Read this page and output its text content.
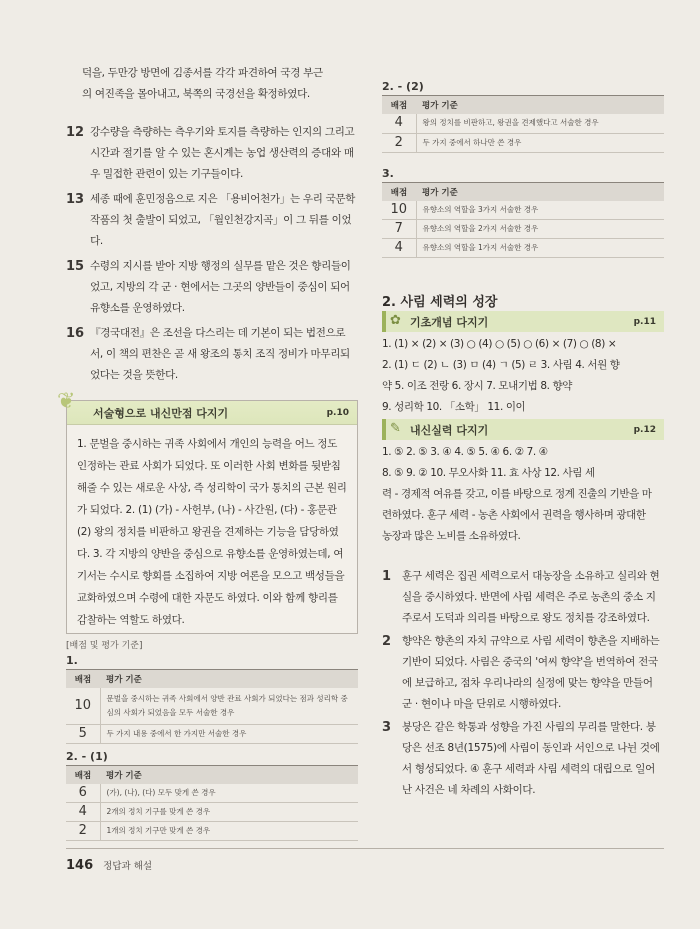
덕을, 두만강 방면에 김종서를 각각 파견하여 국경 부근
의 여진족을 몰아내고, 북쪽의 국경선을 확정하였다.
12 강수량을 측량하는 측우기와 토지를 측량하는 인지의 그리고 시간과 절기를 알 수 있는 혼시계는 농업 생산력의 증대와 매우 밀접한 관련이 있는 기구들이다.
13 세종 때에 훈민정음으로 지은 「용비어천가」는 우리 국문학 작품의 첫 출발이 되었고, 「월인천강지곡」이 그 뒤를 이었다.
15 수령의 지시를 받아 지방 행정의 실무를 맡은 것은 향리들이었고, 지방의 각 군 · 현에서는 그곳의 양반들이 중심이 되어 유향소를 운영하였다.
16 『경국대전』은 조선을 다스리는 데 기본이 되는 법전으로서, 이 책의 편찬은 곧 새 왕조의 통치 조직 정비가 마무리되었다는 것을 뜻한다.
❦ 서술형으로 내신만점 다지기	p.10
1. 문벌을 중시하는 귀족 사회에서 개인의 능력을 어느 정도 인정하는 관료 사회가 되었다. 또 이러한 사회 변화를 뒷받침해줄 수 있는 새로운 사상, 즉 성리학이 국가 통치의 근본 원리가 되었다. 2. (1) (가) - 사헌부, (나) - 사간원, (다) - 홍문관 (2) 왕의 정치를 비판하고 왕권을 견제하는 기능을 담당하였다. 3. 각 지방의 양반을 중심으로 유향소를 운영하였는데, 여기서는 수시로 향회를 소집하여 지방 여론을 모으고 백성들을 교화하였으며 수령에 대한 자문도 하였다. 이와 함께 향리를 감찰하는 역할도 하였다.
[배점 및 평가 기준]
1.
배점	평가 기준
10	문벌을 중시하는 귀족 사회에서 양반 관료 사회가 되었다는 점과 성리학 중심의 사회가 되었음을 모두 서술한 경우
5	두 가지 내용 중에서 한 가지만 서술한 경우
2. - (1)
배점	평가 기준
6	(가), (나), (다) 모두 맞게 쓴 경우
4	2개의 정치 기구를 맞게 쓴 경우
2	1개의 정치 기구만 맞게 쓴 경우
2. - (2)
배점	평가 기준
4	왕의 정치를 비판하고, 왕권을 견제했다고 서술한 경우
2	두 가지 중에서 하나만 쓴 경우
3.
배점	평가 기준
10	유향소의 역할을 3가지 서술한 경우
7	유향소의 역할을 2가지 서술한 경우
4	유향소의 역할을 1가지 서술한 경우
2. 사림 세력의 성장
✿ 기초개념 다지기	p.11
1. (1) × (2) × (3) ○ (4) ○ (5) ○ (6) × (7) ○ (8) ×
2. (1) ㄷ (2) ㄴ (3) ㅁ (4) ㄱ (5) ㄹ 3. 사림 4. 서원 향
약 5. 이조 전랑 6. 장시 7. 모내기법 8. 향약
9. 성리학 10. 「소학」 11. 이이
✎ 내신실력 다지기	p.12
1. ⑤ 2. ⑤ 3. ④ 4. ⑤ 5. ④ 6. ② 7. ④
8. ⑤ 9. ② 10. 무오사화 11. 효 사상 12. 사림 세
력 - 경제적 여유를 갖고, 이를 바탕으로 정계 진출의 기반을 마
련하였다. 훈구 세력 - 농촌 사회에서 권력을 행사하며 광대한
농장과 많은 노비를 소유하였다.
1	훈구 세력은 집권 세력으로서 대농장을 소유하고 실리와 현실을 중시하였다. 반면에 사림 세력은 주로 농촌의 중소 지주로서 도덕과 의리를 바탕으로 왕도 정치를 강조하였다.
2	향약은 향촌의 자치 규약으로 사림 세력이 향촌을 지배하는 기반이 되었다. 사림은 중국의 '여씨 향약'을 번역하여 전국에 보급하고, 점차 우리나라의 실정에 맞는 향약을 만들어 군 · 현이나 마을 단위로 시행하였다.
3	붕당은 같은 학통과 성향을 가진 사림의 무리를 말한다. 붕당은 선조 8년(1575)에 사림이 동인과 서인으로 나뉜 것에서 형성되었다. ④ 훈구 세력과 사림 세력의 대립으로 일어난 사건은 네 차례의 사화이다.
146 정답과 해설
